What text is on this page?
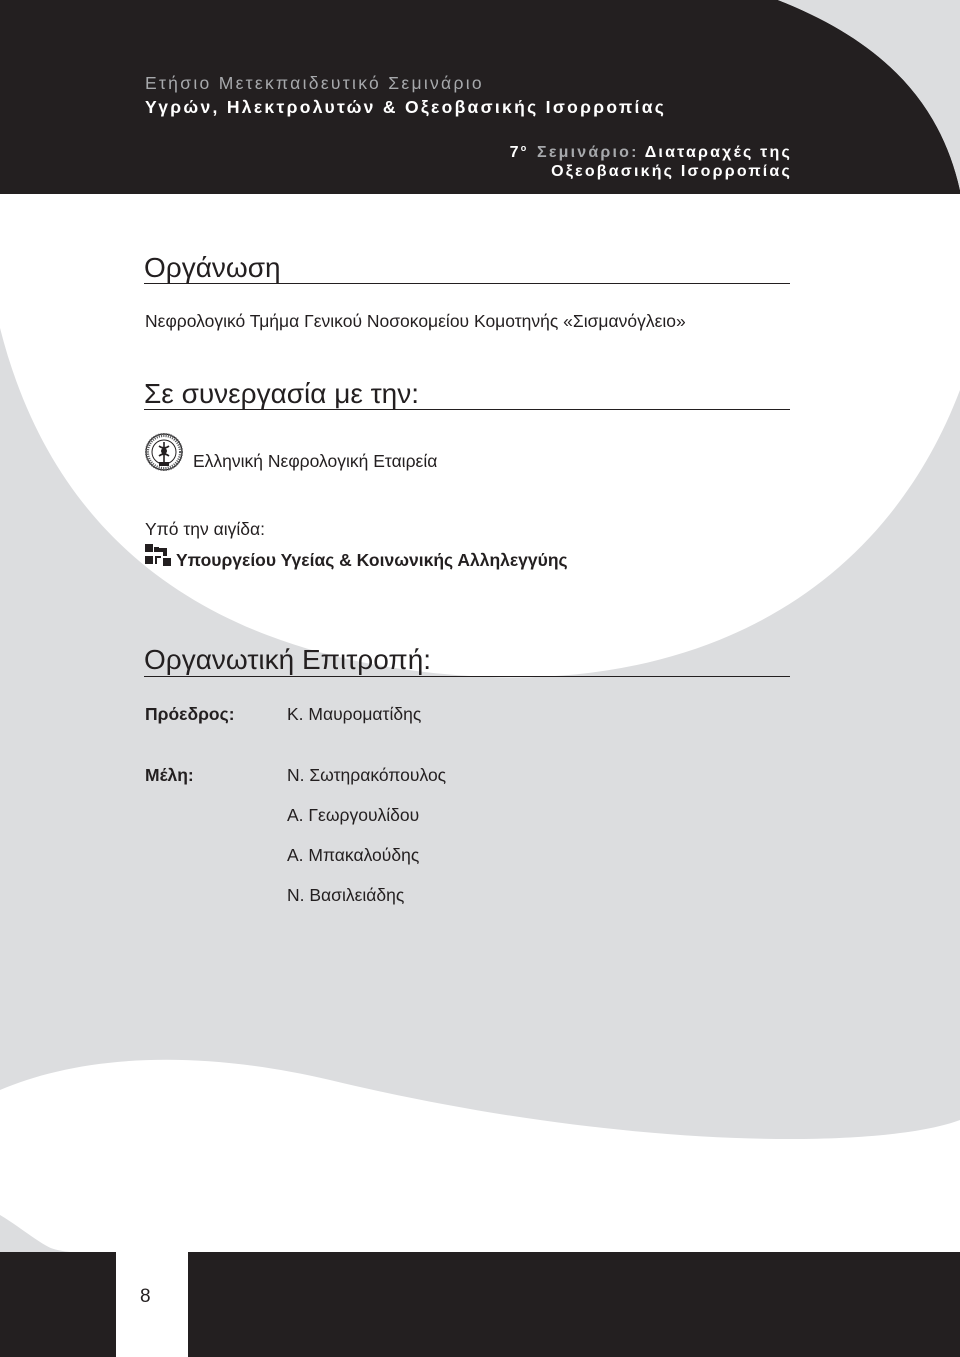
Ετήσιο Μετεκπαιδευτικό Σεμινάριο
Υγρών, Ηλεκτρολυτών & Οξεοβασικής Ισορροπίας
$7^o$ Σεμινάριο: Διαταραχές της
Οξεοβασικής Ισορροπίας
Οργάνωση
Νεφρολογικό Τμήμα Γενικού Νοσοκομείου Κομοτηνής «Σισμανόγλειο»
Σε συνεργασία με την:
Ελληνική Νεφρολογική Εταιρεία
Υπό την αιγίδα:
Υπουργείου Υγείας & Κοινωνικής Αλληλεγγύης
Οργανωτική Επιτροπή:
Πρόεδρος:	Κ. Μαυροματίδης
Μέλη:	Ν. Σωτηρακόπουλος
Α. Γεωργουλίδου
Α. Μπακαλούδης
Ν. Βασιλειάδης
8
